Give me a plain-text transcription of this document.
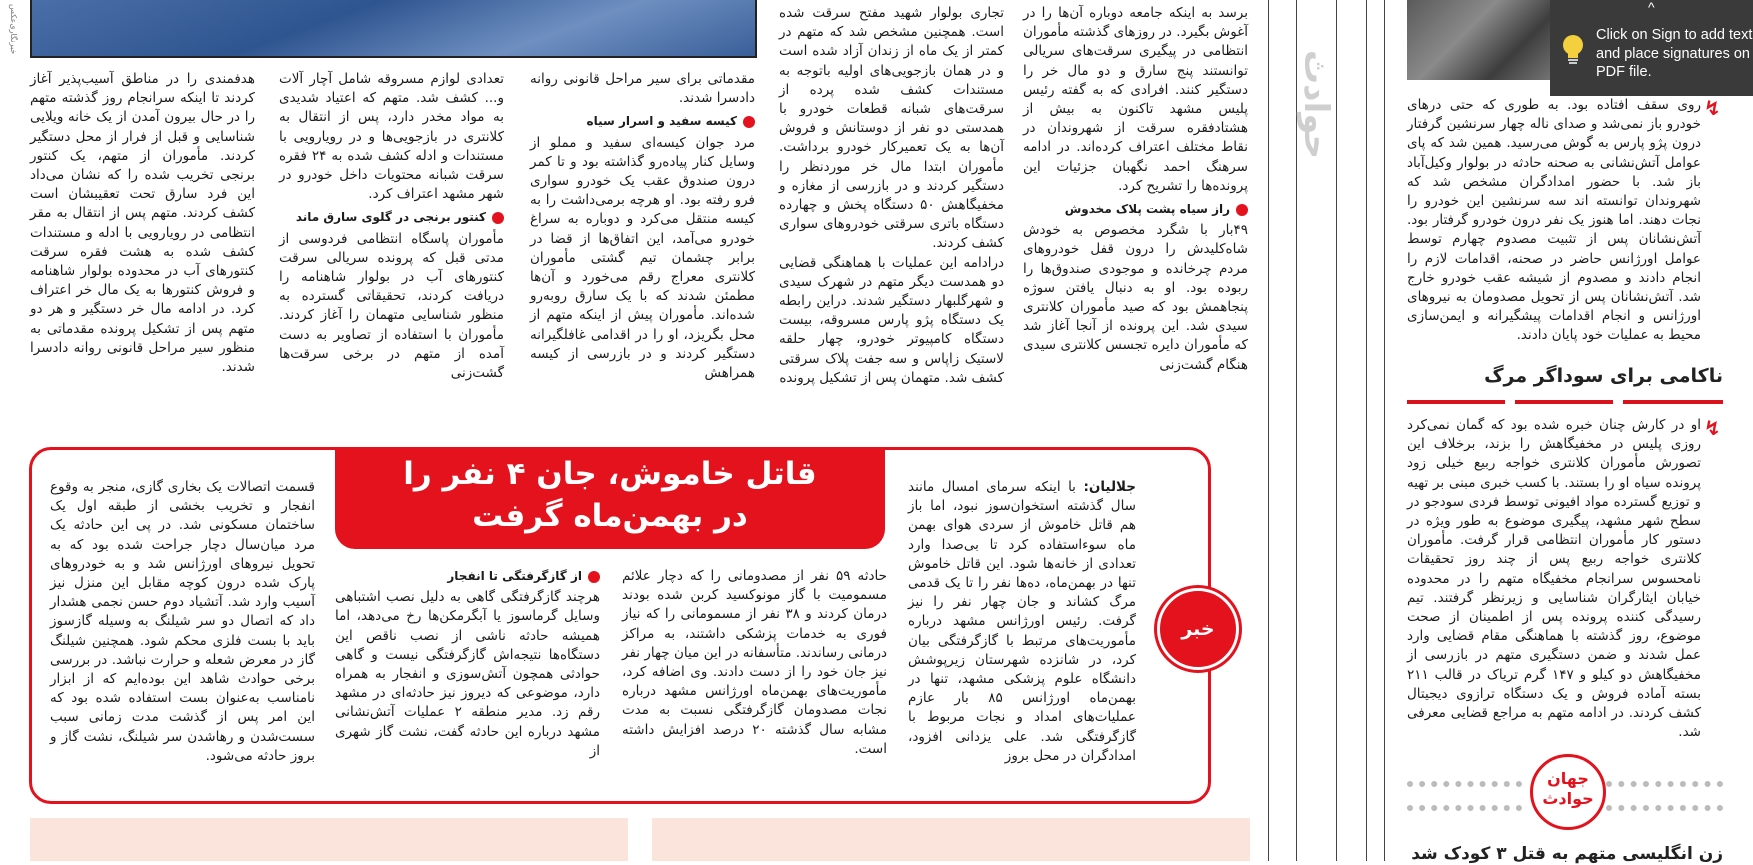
خبرنگاری‌عکس	برسد به اینکه جامعه دوباره آن‌ها را در آغوش بگیرد. در روزهای گذشته مأموران انتظامی در پیگیری سرقت‌های سریالی توانستند پنج سارق و دو مال خر را دستگیر کنند. افرادی که به گفته رئیس پلیس مشهد تاکنون به بیش از هشتادفقره سرقت از شهروندان در نقاط مختلف اعتراف کرده‌اند. در ادامه سرهنگ احمد نگهبان جزئیات این پرونده‌ها را تشریح کرد.

راز سیاه پشت پلاک مخدوش

۴۹بار با شگرد مخصوص به خودش شاه‌کلید‌ش را درون قفل خودروهای مردم چرخانده و موجودی صندوق‌ها را ربوده بود. او به دنبال یافتن سوژه پنجاهمش بود که صید مأموران کلانتری سیدی شد. این پرونده از آنجا آغاز شد که مأموران دایره تجسس کلانتری سیدی هنگام گشت‌زنی

تجاری بولوار شهید مفتح سرقت شده است. همچنین مشخص شد که متهم در کمتر از یک ماه از زندان آزاد شده است و در همان بازجویی‌های اولیه باتوجه به مستندات کشف شده پرده از سرقت‌های شبانه قطعات خودرو با همدستی دو نفر از دوستانش و فروش آن‌ها به یک تعمیرکار خودرو برداشت. مأموران ابتدا مال خر موردنظر را دستگیر کردند و در بازرسی از مغازه و مخفیگاهش ۵۰ دستگاه پخش و چهارده دستگاه باتری سرقتی خودروهای سواری کشف کردند.

درادامه این عملیات با هماهنگی قضایی دو همدست دیگر متهم در شهرک سیدی و شهرگلبهار دستگیر شدند. دراین رابطه یک دستگاه پژو پارس مسروقه، بیست دستگاه کامپیوتر خودرو، چهار حلقه لاستیک زاپاس و سه جفت پلاک سرقتی کشف شد. متهمان پس از تشکیل پرونده

مقدماتی برای سیر مراحل قانونی روانه دادسرا شدند.

کیسه سفید و اسرار سیاه

مرد جوان کیسه‌ای سفید و مملو از وسایل کنار پیاده‌رو گذاشته بود و تا کمر درون صندوق عقب یک خودرو سواری فرو رفته بود. او هرچه برمی‌داشت را به کیسه منتقل می‌کرد و دوباره به سراغ خودرو می‌آمد، این اتفاق‌ها از قضا در برابر چشمان تیم گشتی مأموران کلانتری معراج رقم می‌خورد و آن‌ها مطمئن شدند که با یک سارق روبه‌رو شده‌اند. مأموران پیش از اینکه متهم از محل بگریزد، او را در اقدامی غافلگیرانه دستگیر کردند و در بازرسی از کیسه همراهش

تعدادی لوازم مسروقه شامل آچار آلات و... کشف شد. متهم که اعتیاد شدیدی به مواد مخدر دارد، پس از انتقال به کلانتری در بازجویی‌ها و در رویارویی با مستندات و ادله کشف شده به ۲۴ فقره سرقت شبانه محتویات داخل خودرو در شهر مشهد اعتراف کرد.

کنتور برنجی در گلوی سارق ماند

مأموران پاسگاه انتظامی فردوسی از مدتی قبل که پرونده سریالی سرقت کنتورهای آب در بولوار شاهنامه را دریافت کردند، تحقیقاتی گسترده به منظور شناسایی متهمان را آغاز کردند. مأموران با استفاده از تصاویر به دست آمده از متهم در برخی سرقت‌ها گشت‌زنی

هدفمندی را در مناطق آسیب‌پذیر آغاز کردند تا اینکه سرانجام روز گذشته متهم را در حال بیرون آمدن از یک خانه ویلایی شناسایی و قبل از فرار از محل دستگیر کردند. مأموران از متهم، یک کنتور برنجی تخریب شده را که نشان می‌داد این فرد سارق تحت تعقیبشان است کشف کردند. متهم پس از انتقال به مقر انتظامی در رویارویی با ادله و مستندات کشف شده به هشت فقره سرقت کنتورهای آب در محدوده بولوار شاهنامه و فروش کنتورها به یک مال خر اعتراف کرد. در ادامه مال خر دستگیر و هر دو متهم پس از تشکیل پرونده مقدماتی به منظور سیر مراحل قانونی روانه دادسرا شدند.

قاتل خاموش، جان ۴ نفر را
در بهمن‌ماه گرفت
خبر

جلالیان: با اینکه سرمای امسال مانند سال گذشته استخوان‌سوز نبود، اما باز هم قاتل خاموش از سردی هوای بهمن ماه سوءاستفاده کرد تا بی‌صدا وارد تعدادی از خانه‌ها شود. این قاتل خاموش تنها در بهمن‌ماه، ده‌ها نفر را تا یک قدمی مرگ کشاند و جان چهار نفر را نیز گرفت. رئیس اورژانس مشهد درباره مأموریت‌های مرتبط با گازگرفتگی بیان کرد، در شانزده شهرستان زیرپوشش دانشگاه علوم پزشکی مشهد، تنها در بهمن‌ماه اورژانس ۸۵ بار عازم عملیات‌های امداد و نجات مربوط با گازگرفتگی شد. علی یزدانی افزود، امدادگران در محل بروز

حادثه ۵۹ نفر از مصدومانی را که دچار علائم مسمومیت با گاز مونوکسید کربن شده بودند درمان کردند و ۳۸ نفر از مسمومانی را که نیاز فوری به خدمات پزشکی داشتند، به مراکز درمانی رساندند. متأسفانه در این میان چهار نفر نیز جان خود را از دست دادند. وی اضافه کرد، مأموریت‌های بهمن‌ماه اورژانس مشهد درباره نجات مصدومان گازگرفتگی نسبت به مدت مشابه سال گذشته ۲۰ درصد افزایش داشته است.

از گازگرفتگی تا انفجار

هرچند گازگرفتگی گاهی به دلیل نصب اشتباهی وسایل گرماسوز یا آبگرمکن‌ها رخ می‌دهد، اما همیشه حادثه ناشی از نصب ناقص این دستگاه‌ها نتیجه‌اش گازگرفتگی نیست و گاهی حوادثی همچون آتش‌سوزی و انفجار به همراه دارد، موضوعی که دیروز نیز حادثه‌ای در مشهد رقم زد. مدیر منطقه ۲ عملیات آتش‌نشانی مشهد درباره این حادثه گفت، نشت گاز شهری از

قسمت اتصالات یک بخاری گازی، منجر به وقوع انفجار و تخریب بخشی از طبقه اول یک ساختمان مسکونی شد. در پی این حادثه یک مرد میان‌سال دچار جراحت شده بود که به تحویل نیروهای اورژانس شد و به خودروهای پارک شده درون کوچه مقابل این منزل نیز آسیب وارد شد. آتشیاد دوم حسن نجمی هشدار داد که اتصال دو سر شیلنگ به وسیله گازسوز باید با بست فلزی محکم شود. همچنین شیلنگ گاز در معرض شعله و حرارت نباشد. در بررسی برخی حوادث شاهد این بوده‌ایم که از ابزار نامناسب به‌عنوان بست استفاده شده بود که این امر پس از گذشت مدت زمانی سبب سست‌شدن و رهاشدن سر شیلنگ، نشت گاز و بروز حادثه می‌شود.

حوادث	↯

روی سقف افتاده بود. به طوری که حتی درهای خودرو باز نمی‌شد و صدای ناله چهار سرنشین گرفتار درون پژو پارس به گوش می‌رسید. همین شد که پای عوامل آتش‌نشانی به صحنه حادثه در بولوار وکیل‌آباد باز شد. با حضور امدادگران مشخص شد که شهروندان توانسته اند سه سرنشین این خودرو را نجات دهند. اما هنوز یک نفر درون خودرو گرفتار بود. آتش‌نشانان پس از تثبیت مصدوم چهارم توسط عوامل اورژانس حاضر در صحنه، اقدامات لازم را انجام دادند و مصدوم از شیشه عقب خودرو خارج شد. آتش‌نشانان پس از تحویل مصدومان به نیروهای اورژانس و انجام اقدامات پیشگیرانه و ایمن‌سازی محیط به عملیات خود پایان دادند.

ناکامی برای سوداگر مرگ
↯

او در کارش چنان خبره شده بود که گمان نمی‌کرد روزی پلیس در مخفیگاهش را بزند، برخلاف این تصورش مأموران کلانتری خواجه ربیع خیلی زود پرونده سیاه او را بستند. با کسب خبری مبنی بر تهیه و توزیع گسترده مواد افیونی توسط فردی سودجو در سطح شهر مشهد، پیگیری موضوع به طور ویژه در دستور کار مأموران انتظامی قرار گرفت. مأموران کلانتری خواجه ربیع پس از چند روز تحقیقات نامحسوس سرانجام مخفیگاه متهم را در محدوده خیابان ایثارگران شناسایی و زیرنظر گرفتند. تیم رسیدگی کننده پرونده پس از اطمینان از صحت موضوع، روز گذشته با هماهنگی مقام قضایی وارد عمل شدند و ضمن دستگیری متهم در بازرسی از مخفیگاهش دو کیلو و ۱۴۷ گرم تریاک در قالب ۲۱۱ بسته آماده فروش و یک دستگاه ترازوی دیجیتال کشف کردند. در ادامه متهم به مراجع قضایی معرفی شد.

جهان
حوادث
زن انگلیسی متهم به قتل ۳ کودک شد
^
Click on Sign to add text and place signatures on PDF file.
